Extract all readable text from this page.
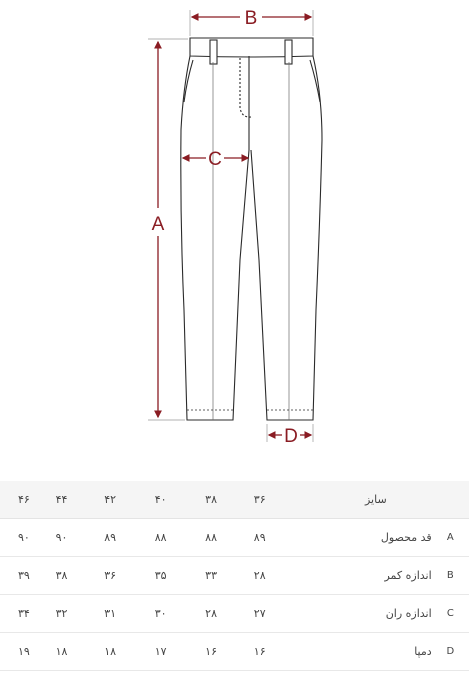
B
A
C
D
۴۶	۴۴	۴۲	۴۰	۳۸	۳۶	سایز	
۹۰	۹۰	۸۹	۸۸	۸۸	۸۹	قد محصول	A
۳۹	۳۸	۳۶	۳۵	۳۳	۲۸	اندازه کمر	B
۳۴	۳۲	۳۱	۳۰	۲۸	۲۷	اندازه ران	C
۱۹	۱۸	۱۸	۱۷	۱۶	۱۶	دمپا	D
